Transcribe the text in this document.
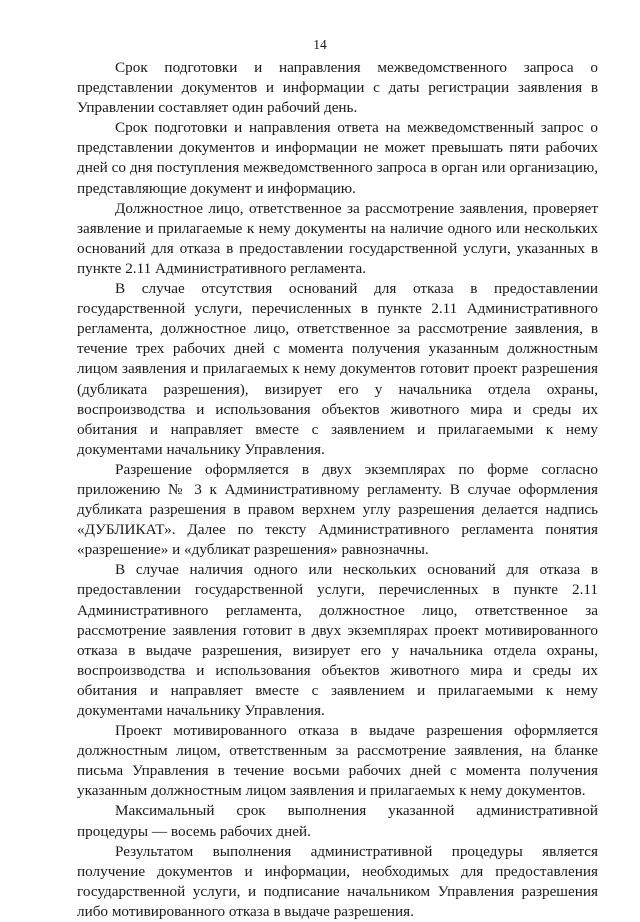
14

Срок подготовки и направления межведомственного запроса о представлении документов и информации с даты регистрации заявления в Управлении составляет один рабочий день.

Срок подготовки и направления ответа на межведомственный запрос о представлении документов и информации не может превышать пяти рабочих дней со дня поступления межведомственного запроса в орган или организацию, представляющие документ и информацию.

Должностное лицо, ответственное за рассмотрение заявления, проверяет заявление и прилагаемые к нему документы на наличие одного или нескольких оснований для отказа в предоставлении государственной услуги, указанных в пункте 2.11 Административного регламента.

В случае отсутствия оснований для отказа в предоставлении государственной услуги, перечисленных в пункте 2.11 Административного регламента, должностное лицо, ответственное за рассмотрение заявления, в течение трех рабочих дней с момента получения указанным должностным лицом заявления и прилагаемых к нему документов готовит проект разрешения (дубликата разрешения), визирует его у начальника отдела охраны, воспроизводства и использования объектов животного мира и среды их обитания и направляет вместе с заявлением и прилагаемыми к нему документами начальнику Управления.

Разрешение оформляется в двух экземплярах по форме согласно приложению № 3 к Административному регламенту. В случае оформления дубликата разрешения в правом верхнем углу разрешения делается надпись «ДУБЛИКАТ». Далее по тексту Административного регламента понятия «разрешение» и «дубликат разрешения» равнозначны.

В случае наличия одного или нескольких оснований для отказа в предоставлении государственной услуги, перечисленных в пункте 2.11 Административного регламента, должностное лицо, ответственное за рассмотрение заявления готовит в двух экземплярах проект мотивированного отказа в выдаче разрешения, визирует его у начальника отдела охраны, воспроизводства и использования объектов животного мира и среды их обитания и направляет вместе с заявлением и прилагаемыми к нему документами начальнику Управления.

Проект мотивированного отказа в выдаче разрешения оформляется должностным лицом, ответственным за рассмотрение заявления, на бланке письма Управления в течение восьми рабочих дней с момента получения указанным должностным лицом заявления и прилагаемых к нему документов.

Максимальный срок выполнения указанной административной процедуры — восемь рабочих дней.

Результатом выполнения административной процедуры является получение документов и информации, необходимых для предоставления государственной услуги, и подписание начальником Управления разрешения либо мотивированного отказа в выдаче разрешения.
